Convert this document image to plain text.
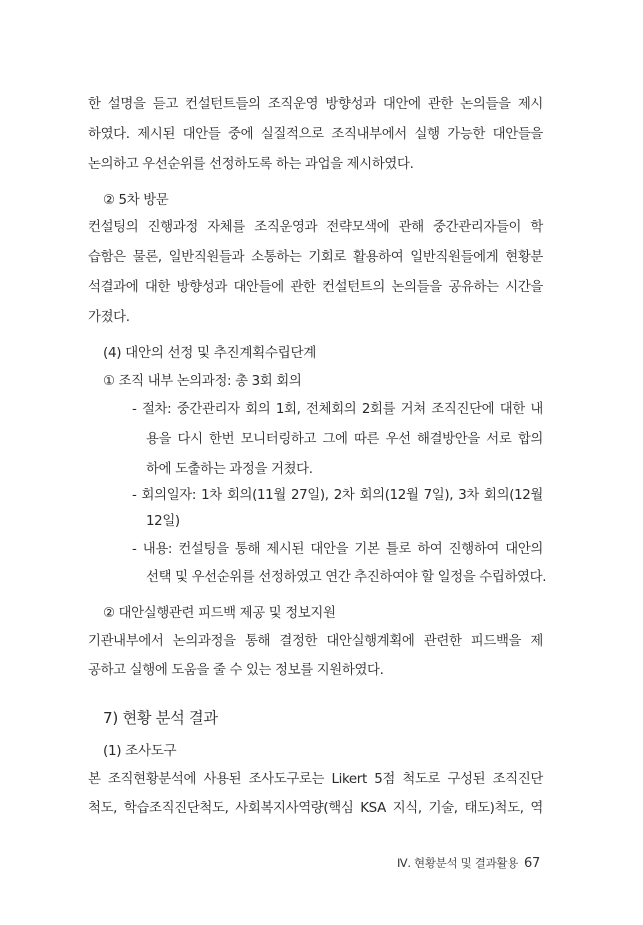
한 설명을 듣고 컨설턴트들의 조직운영 방향성과 대안에 관한 논의들을 제시
하였다. 제시된 대안들 중에 실질적으로 조직내부에서 실행 가능한 대안들을
논의하고 우선순위를 선정하도록 하는 과업을 제시하였다.
② 5차 방문
컨설팅의 진행과정 자체를 조직운영과 전략모색에 관해 중간관리자들이 학
습함은 물론, 일반직원들과 소통하는 기회로 활용하여 일반직원들에게 현황분
석결과에 대한 방향성과 대안들에 관한 컨설턴트의 논의들을 공유하는 시간을
가졌다.
(4) 대안의 선정 및 추진계획수립단계
① 조직 내부 논의과정: 총 3회 회의
- 절차: 중간관리자 회의 1회, 전체회의 2회를 거쳐 조직진단에 대한 내
용을 다시 한번 모니터링하고 그에 따른 우선 해결방안을 서로 합의
하에 도출하는 과정을 거쳤다.
- 회의일자: 1차 회의(11월 27일), 2차 회의(12월 7일), 3차 회의(12월
12일)
- 내용: 컨설팅을 통해 제시된 대안을 기본 틀로 하여 진행하여 대안의
선택 및 우선순위를 선정하였고 연간 추진하여야 할 일정을 수립하였다.
② 대안실행관련 피드백 제공 및 정보지원
기관내부에서 논의과정을 통해 결정한 대안실행계획에 관련한 피드백을 제
공하고 실행에 도움을 줄 수 있는 정보를 지원하였다.
7) 현황 분석 결과
(1) 조사도구
본 조직현황분석에 사용된 조사도구로는 Likert 5점 척도로 구성된 조직진단
척도, 학습조직진단척도, 사회복지사역량(핵심 KSA 지식, 기술, 태도)척도, 역
Ⅳ. 현황분석 및 결과활용 67
